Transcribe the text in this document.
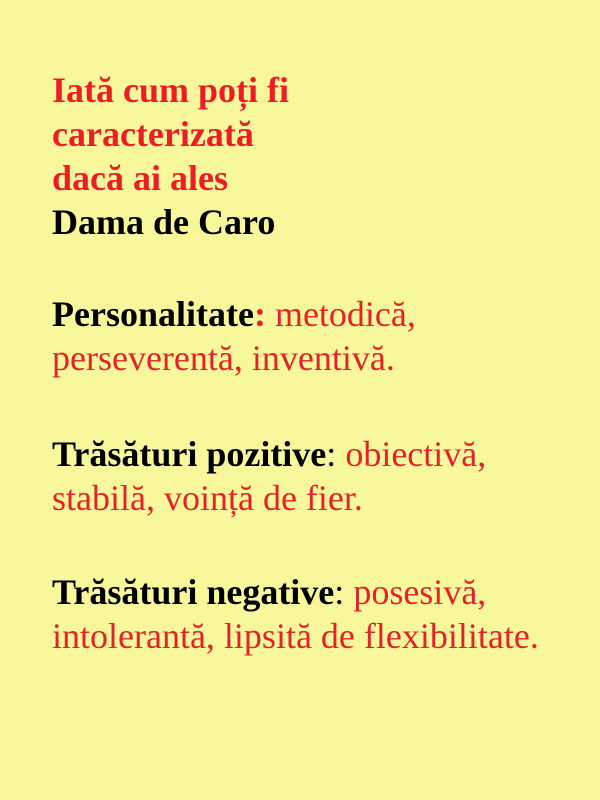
Iată cum poți fi
caracterizată
dacă ai ales
Dama de Caro

Personalitate: metodică, perseverentă, inventivă.

Trăsături pozitive: obiectivă, stabilă, voință de fier.

Trăsături negative: posesivă, intolerantă, lipsită de flexibilitate.
